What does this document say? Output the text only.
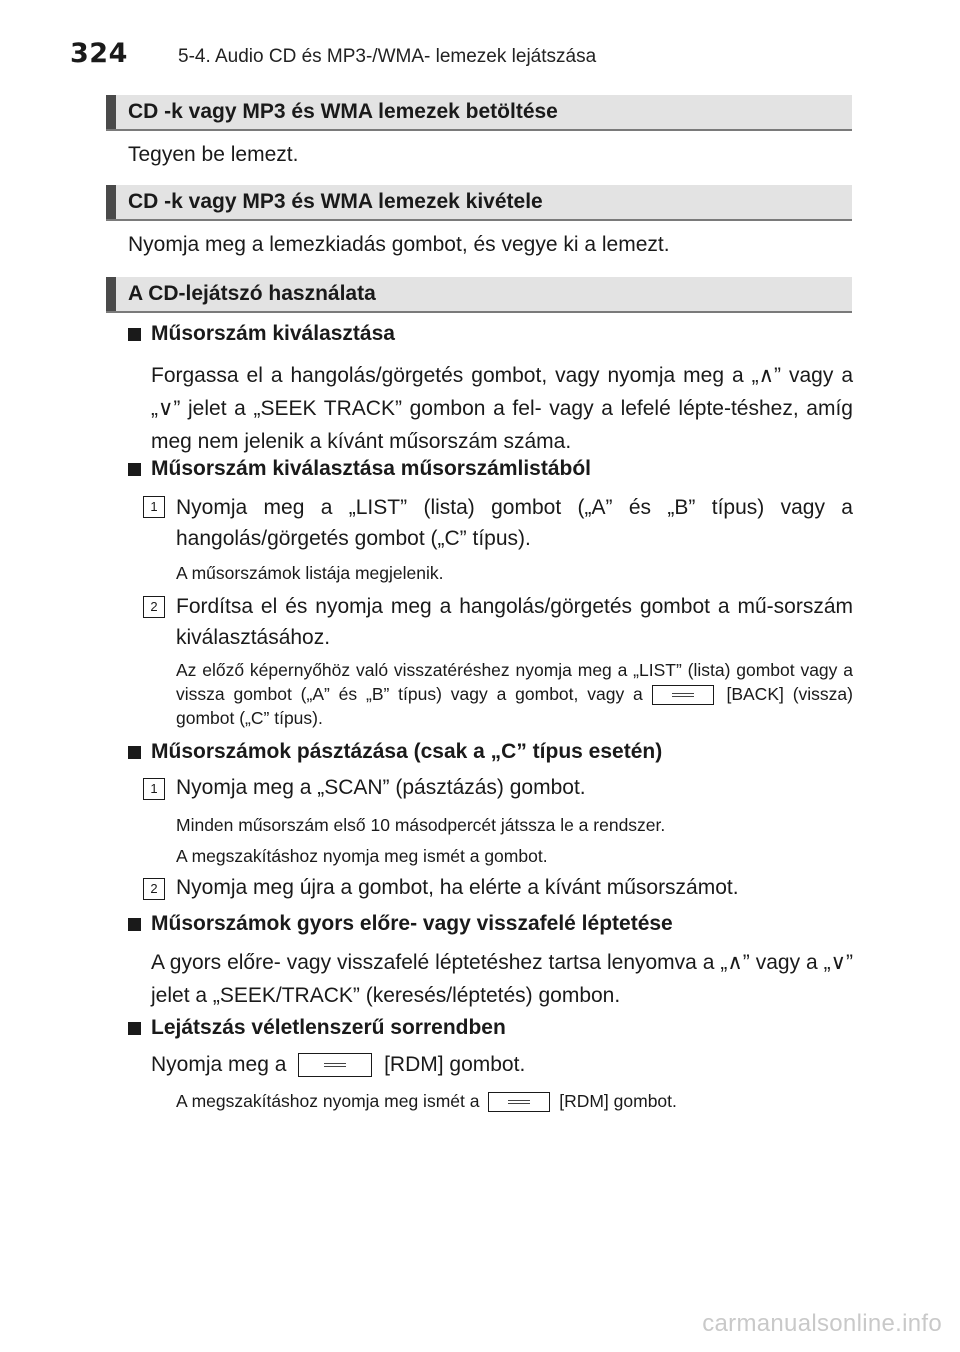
324	5-4. Audio CD és MP3-/WMA- lemezek lejátszása
CD -k vagy MP3 és WMA lemezek betöltése
Tegyen be lemezt.
CD -k vagy MP3 és WMA lemezek kivétele
Nyomja meg a lemezkiadás gombot, és vegye ki a lemezt.
A CD-lejátszó használata
Műsorszám kiválasztása
Forgassa el a hangolás/görgetés gombot, vagy nyomja meg a „∧” vagy a „∨” jelet a „SEEK TRACK” gombon a fel- vagy a lefelé lépte-téshez, amíg meg nem jelenik a kívánt műsorszám száma.
Műsorszám kiválasztása műsorszámlistából
1 Nyomja meg a „LIST” (lista) gombot („A” és „B” típus) vagy a hangolás/görgetés gombot („C” típus).
A műsorszámok listája megjelenik.
2 Fordítsa el és nyomja meg a hangolás/görgetés gombot a mű-sorszám kiválasztásához.
Az előző képernyőhöz való visszatéréshez nyomja meg a „LIST” (lista) gombot vagy a vissza gombot („A” és „B” típus) vagy a gombot, vagy a	[BACK] (vissza) gombot („C” típus).
Műsorszámok pásztázása (csak a „C” típus esetén)
1 Nyomja meg a „SCAN” (pásztázás) gombot.
Minden műsorszám első 10 másodpercét játssza le a rendszer.
A megszakításhoz nyomja meg ismét a gombot.
2 Nyomja meg újra a gombot, ha elérte a kívánt műsorszámot.
Műsorszámok gyors előre- vagy visszafelé léptetése
A gyors előre- vagy visszafelé léptetéshez tartsa lenyomva a „∧” vagy a „∨” jelet a „SEEK/TRACK” (keresés/léptetés) gombon.
Lejátszás véletlenszerű sorrendben
Nyomja meg a	[RDM] gombot.
A megszakításhoz nyomja meg ismét a	[RDM] gombot.
carmanualsonline.info
